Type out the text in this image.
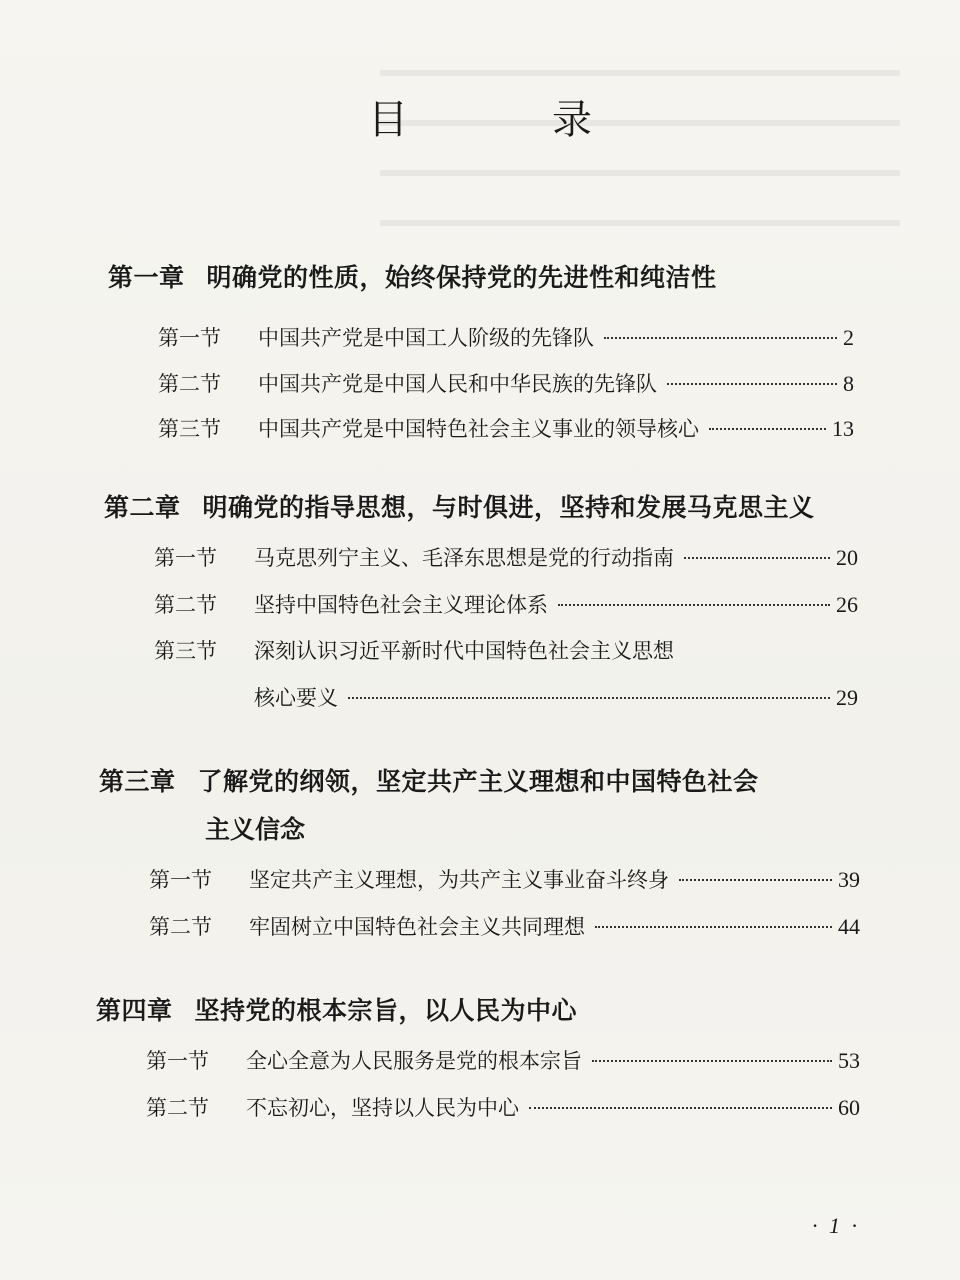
目　录
第一章 明确党的性质，始终保持党的先进性和纯洁性
第一节	中国共产党是中国工人阶级的先锋队	2
第二节	中国共产党是中国人民和中华民族的先锋队	8
第三节	中国共产党是中国特色社会主义事业的领导核心	13
第二章 明确党的指导思想，与时俱进，坚持和发展马克思主义
第一节	马克思列宁主义、毛泽东思想是党的行动指南	20
第二节	坚持中国特色社会主义理论体系	26
第三节	深刻认识习近平新时代中国特色社会主义思想
核心要义	29
第三章 了解党的纲领，坚定共产主义理想和中国特色社会
主义信念
第一节	坚定共产主义理想，为共产主义事业奋斗终身	39
第二节	牢固树立中国特色社会主义共同理想	44
第四章 坚持党的根本宗旨，以人民为中心
第一节	全心全意为人民服务是党的根本宗旨	53
第二节	不忘初心，坚持以人民为中心	60
· 1 ·
